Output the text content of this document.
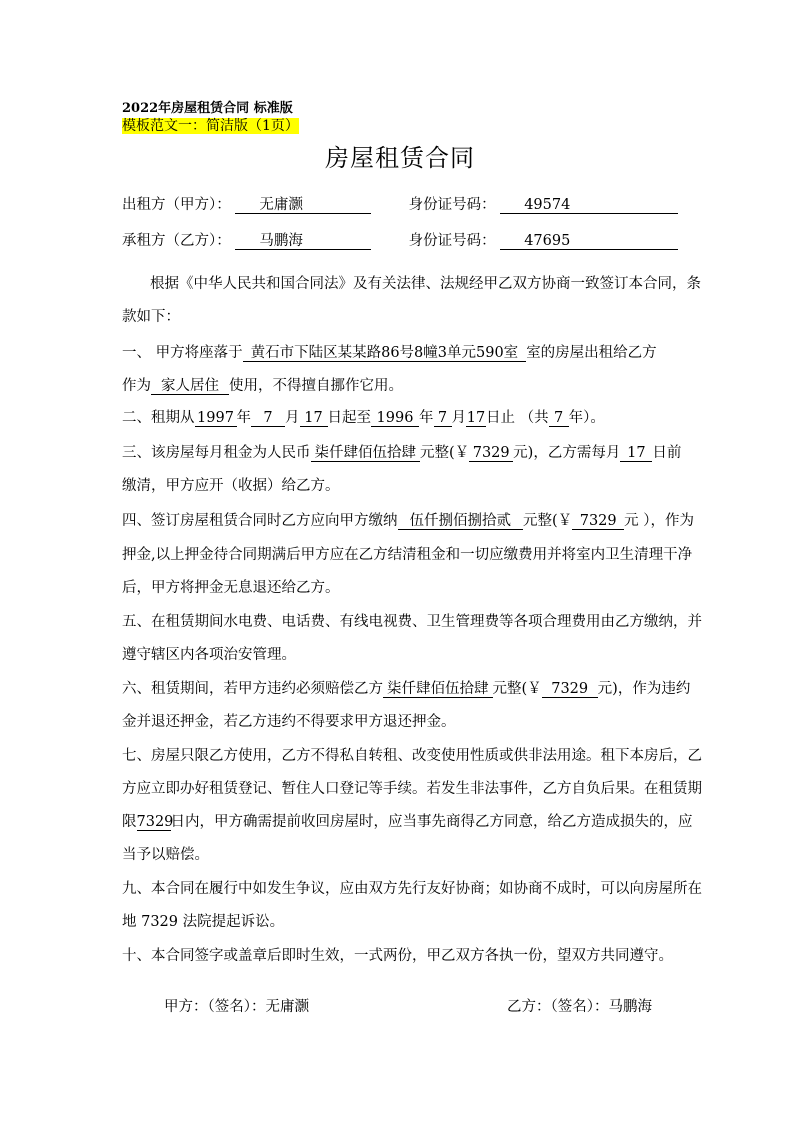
2022年房屋租赁合同 标准版
模板范文一：简洁版（1页）
房屋租赁合同
出租方（甲方）： 无庸灏	身份证号码： 49574
承租方（乙方）： 马鹏海	身份证号码： 47695
根据《中华人民共和国合同法》及有关法律、法规经甲乙双方协商一致签订本合同，条
款如下：
一、 甲方将座落于 黄石市下陆区某某路86号8幢3单元590室 室的房屋出租给乙方
作为 家人居住 使用，不得擅自挪作它用。
二、租期从 1997 年 7 月 17 日起至 1996 年 7 月17日止 （共 7 年）。
三、该房屋每月租金为人民币 柒仟肆佰伍拾肆 元整(￥ 7329 元)，乙方需每月 17 日前
缴清，甲方应开（收据）给乙方。
四、签订房屋租赁合同时乙方应向甲方缴纳 伍仟捌佰捌拾贰 元整(￥ 7329 元 ），作为
押金,以上押金待合同期满后甲方应在乙方结清租金和一切应缴费用并将室内卫生清理干净
后，甲方将押金无息退还给乙方。
五、在租赁期间水电费、电话费、有线电视费、卫生管理费等各项合理费用由乙方缴纳，并
遵守辖区内各项治安管理。
六、租赁期间，若甲方违约必须赔偿乙方 柒仟肆佰伍拾肆 元整(￥ 7329 元)，作为违约
金并退还押金，若乙方违约不得要求甲方退还押金。
七、房屋只限乙方使用，乙方不得私自转租、改变使用性质或供非法用途。租下本房后，乙
方应立即办好租赁登记、暂住人口登记等手续。若发生非法事件，乙方自负后果。在租赁期
限7329日内，甲方确需提前收回房屋时，应当事先商得乙方同意，给乙方造成损失的，应
当予以赔偿。
九、本合同在履行中如发生争议，应由双方先行友好协商；如协商不成时，可以向房屋所在
地 7329 法院提起诉讼。
十、本合同签字或盖章后即时生效，一式两份，甲乙双方各执一份，望双方共同遵守。
甲方：（签名）：无庸灏	乙方：（签名）：马鹏海
